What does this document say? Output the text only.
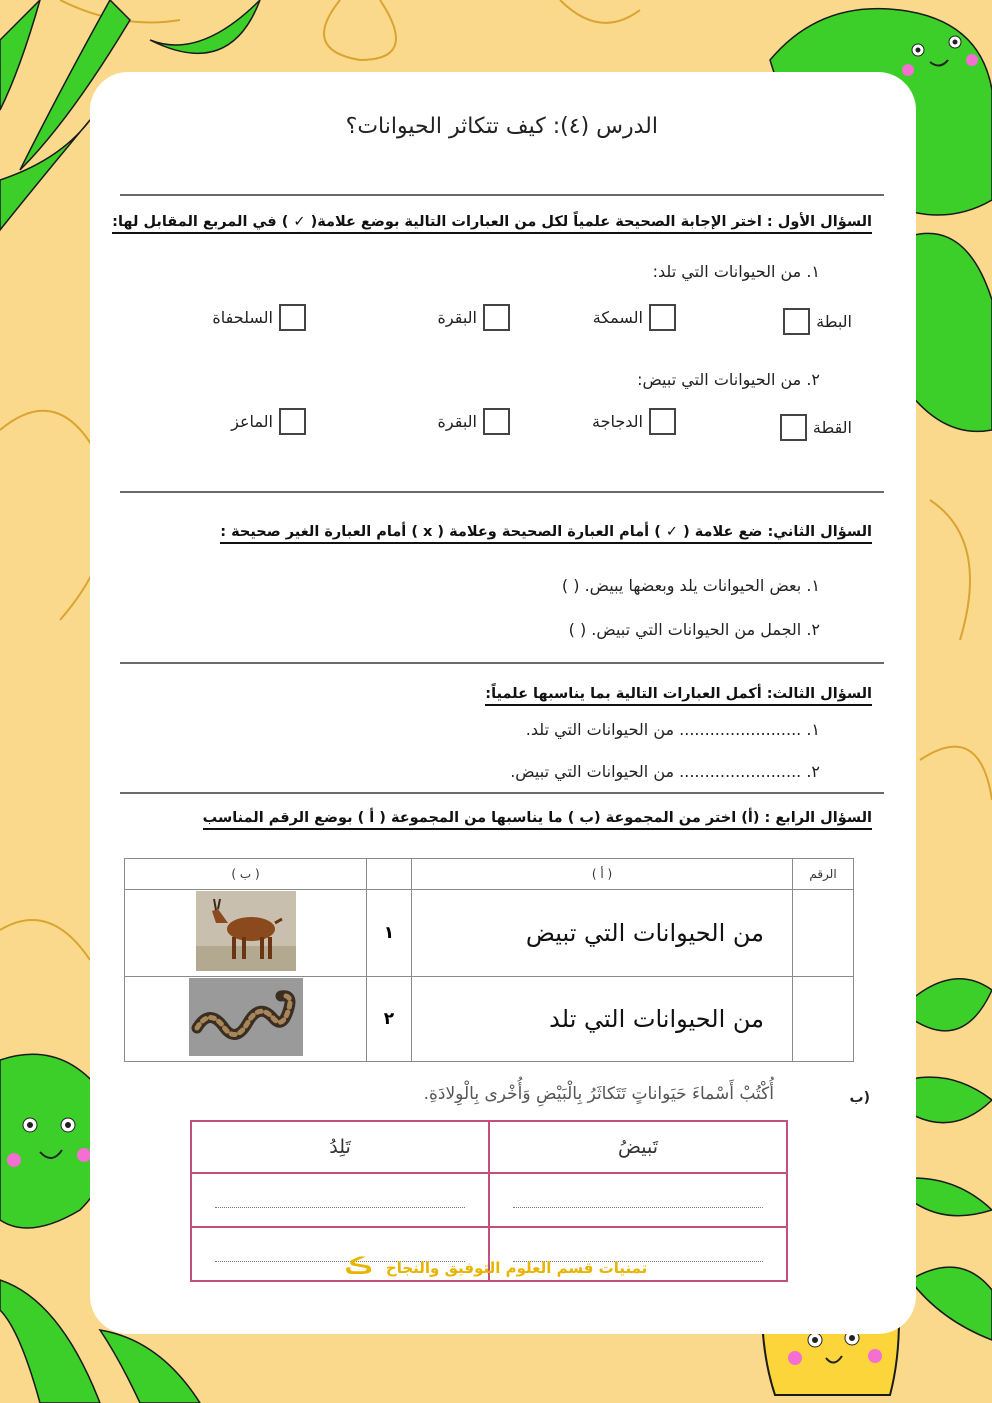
الدرس (٤): كيف تتكاثر الحيوانات؟
السؤال الأول : اختر الإجابة الصحيحة علمياً لكل من العبارات التالية بوضع علامة( ✓ ) في المربع المقابل لها:
١. من الحيوانات التي تلد:
البطة
السمكة
البقرة
السلحفاة
٢. من الحيوانات التي تبيض:
القطة
الدجاجة
البقرة
الماعز
السؤال الثاني: ضع علامة ( ✓ ) أمام العبارة الصحيحة وعلامة ( x ) أمام العبارة الغير صحيحة :
١. بعض الحيوانات يلد وبعضها يبيض. ( )
٢. الجمل من الحيوانات التي تبيض. ( )
السؤال الثالث: أكمل العبارات التالية بما يناسبها علمياً:
١. ........................ من الحيوانات التي تلد.
٢. ........................ من الحيوانات التي تبيض.
السؤال الرابع : (أ) اختر من المجموعة (ب ) ما يناسبها من المجموعة ( أ ) بوضع الرقم المناسب
الرقم	( أ )		( ب )
	من الحيوانات التي تبيض	١	
	من الحيوانات التي تلد	٢	
(ب
أُكْتُبْ أَسْماءَ حَيَواناتٍ تَتَكاثَرُ بِالْبَيْضِ وَأُخْرى بِالْوِلادَةِ.
تَبيضُ	تَلِدُ

تمنيات قسم العلوم التوفيق والنجاح ڪ
